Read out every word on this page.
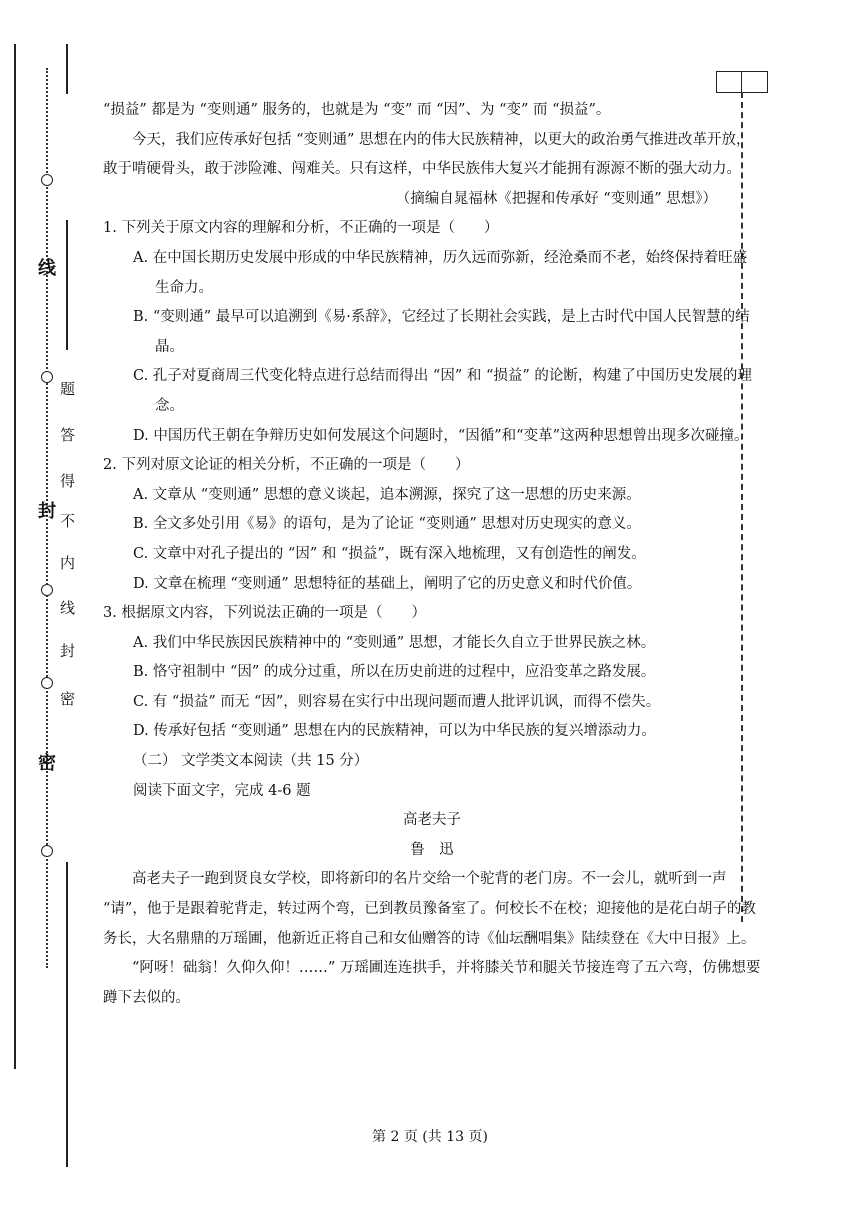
线
封
密
题
答
得
不
内
线
封
密

“损益” 都是为 “变则通” 服务的，也就是为 “变” 而 “因”、为 “变” 而 “损益”。

今天，我们应传承好包括 “变则通” 思想在内的伟大民族精神，以更大的政治勇气推进改革开放，敢于啃硬骨头，敢于涉险滩、闯难关。只有这样，中华民族伟大复兴才能拥有源源不断的强大动力。

（摘编自晁福林《把握和传承好 “变则通” 思想》）

1. 下列关于原文内容的理解和分析，不正确的一项是（　　）

A. 在中国长期历史发展中形成的中华民族精神，历久远而弥新，经沧桑而不老，始终保持着旺盛生命力。

B. “变则通” 最早可以追溯到《易·系辞》，它经过了长期社会实践，是上古时代中国人民智慧的结晶。

C. 孔子对夏商周三代变化特点进行总结而得出 “因” 和 “损益” 的论断，构建了中国历史发展的理念。

D. 中国历代王朝在争辩历史如何发展这个问题时，“因循”和“变革”这两种思想曾出现多次碰撞。

2. 下列对原文论证的相关分析，不正确的一项是（　　）

A. 文章从 “变则通” 思想的意义谈起，追本溯源，探究了这一思想的历史来源。

B. 全文多处引用《易》的语句，是为了论证 “变则通” 思想对历史现实的意义。

C. 文章中对孔子提出的 “因” 和 “损益”，既有深入地梳理，又有创造性的阐发。

D. 文章在梳理 “变则通” 思想特征的基础上，阐明了它的历史意义和时代价值。

3. 根据原文内容，下列说法正确的一项是（　　）

A. 我们中华民族因民族精神中的 “变则通” 思想，才能长久自立于世界民族之林。

B. 恪守祖制中 “因” 的成分过重，所以在历史前进的过程中，应沿变革之路发展。

C. 有 “损益” 而无 “因”，则容易在实行中出现问题而遭人批评讥讽，而得不偿失。

D. 传承好包括 “变则通” 思想在内的民族精神，可以为中华民族的复兴增添动力。

（二） 文学类文本阅读（共 15 分）

阅读下面文字，完成 4-6 题

高老夫子

鲁　迅

高老夫子一跑到贤良女学校，即将新印的名片交给一个驼背的老门房。不一会儿，就听到一声 “请”，他于是跟着驼背走，转过两个弯，已到教员豫备室了。何校长不在校；迎接他的是花白胡子的教务长，大名鼎鼎的万瑶圃，他新近正将自己和女仙赠答的诗《仙坛酬唱集》陆续登在《大中日报》上。

“阿呀！础翁！久仰久仰！……” 万瑶圃连连拱手，并将膝关节和腿关节接连弯了五六弯，仿佛想要蹲下去似的。

第 2 页 (共 13 页)
